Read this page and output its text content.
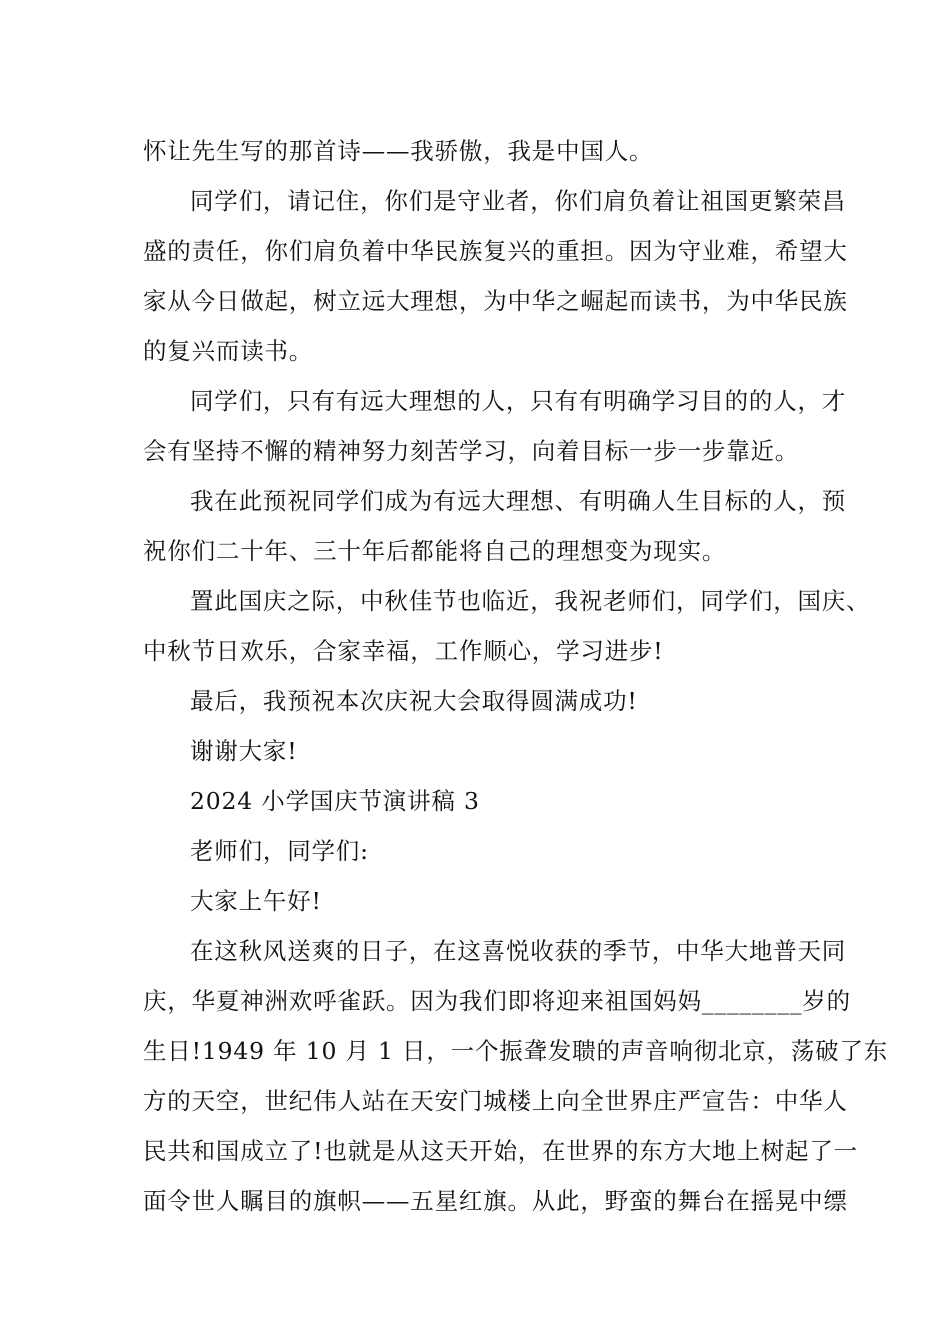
怀让先生写的那首诗——我骄傲，我是中国人。
同学们，请记住，你们是守业者，你们肩负着让祖国更繁荣昌
盛的责任，你们肩负着中华民族复兴的重担。因为守业难，希望大
家从今日做起，树立远大理想，为中华之崛起而读书，为中华民族
的复兴而读书。
同学们，只有有远大理想的人，只有有明确学习目的的人，才
会有坚持不懈的精神努力刻苦学习，向着目标一步一步靠近。
我在此预祝同学们成为有远大理想、有明确人生目标的人，预
祝你们二十年、三十年后都能将自己的理想变为现实。
置此国庆之际，中秋佳节也临近，我祝老师们，同学们，国庆、
中秋节日欢乐，合家幸福，工作顺心，学习进步!
最后，我预祝本次庆祝大会取得圆满成功!
谢谢大家!
2024 小学国庆节演讲稿 3
老师们，同学们:
大家上午好!
在这秋风送爽的日子，在这喜悦收获的季节，中华大地普天同
庆，华夏神洲欢呼雀跃。因为我们即将迎来祖国妈妈________岁的
生日!1949 年 10 月 1 日，一个振聋发聩的声音响彻北京，荡破了东
方的天空，世纪伟人站在天安门城楼上向全世界庄严宣告：中华人
民共和国成立了!也就是从这天开始，在世界的东方大地上树起了一
面令世人瞩目的旗帜——五星红旗。从此，野蛮的舞台在摇晃中缥
